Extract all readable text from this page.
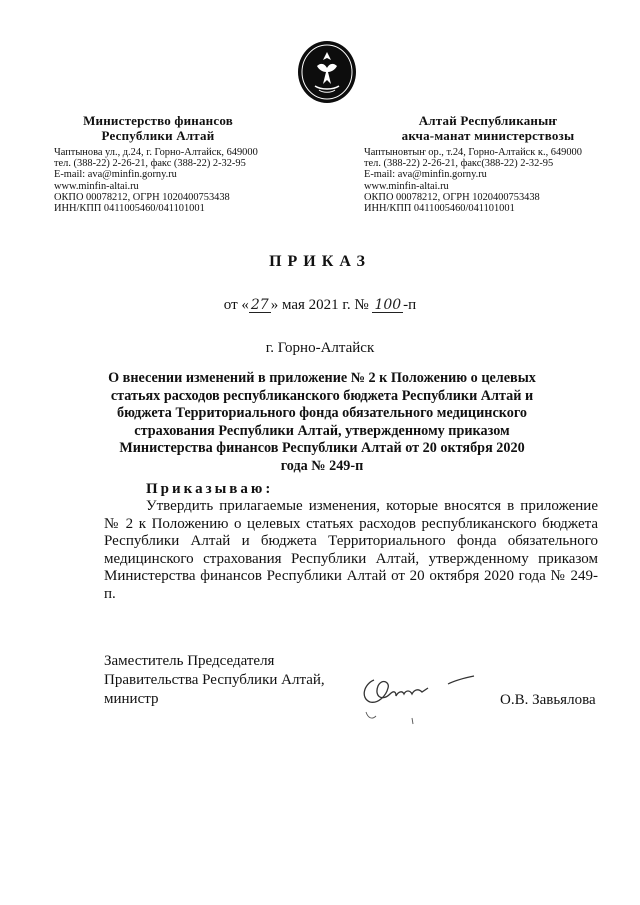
Министерство финансов
Республики Алтай
Чаптынова ул., д.24, г. Горно-Алтайск, 649000
тел. (388-22) 2-26-21, факс (388-22) 2-32-95
E-mail: ava@minfin.gorny.ru
www.minfin-altai.ru
ОКПО 00078212, ОГРН 1020400753438
ИНН/КПП 0411005460/041101001
Алтай Республиканыҥ
акча-манат министерствозы
Чаптыновтыҥ ор., т.24, Горно-Алтайск к., 649000
тел. (388-22) 2-26-21, факс(388-22) 2-32-95
E-mail: ava@minfin.gorny.ru
www.minfin-altai.ru
ОКПО 00078212, ОГРН 1020400753438
ИНН/КПП 0411005460/041101001
ПРИКАЗ
от « 27 » мая 2021 г. № 100 -п
г. Горно-Алтайск
О внесении изменений в приложение № 2 к Положению о целевых статьях расходов республиканского бюджета Республики Алтай и бюджета Территориального фонда обязательного медицинского страхования Республики Алтай, утвержденному приказом Министерства финансов Республики Алтай от 20 октября 2020 года № 249-п
Приказываю:
Утвердить прилагаемые изменения, которые вносятся в приложение № 2 к Положению о целевых статьях расходов республиканского бюджета Республики Алтай и бюджета Территориального фонда обязательного медицинского страхования Республики Алтай, утвержденному приказом Министерства финансов Республики Алтай от 20 октября 2020 года № 249-п.
Заместитель Председателя
Правительства Республики Алтай,
министр	О.В. Завьялова
